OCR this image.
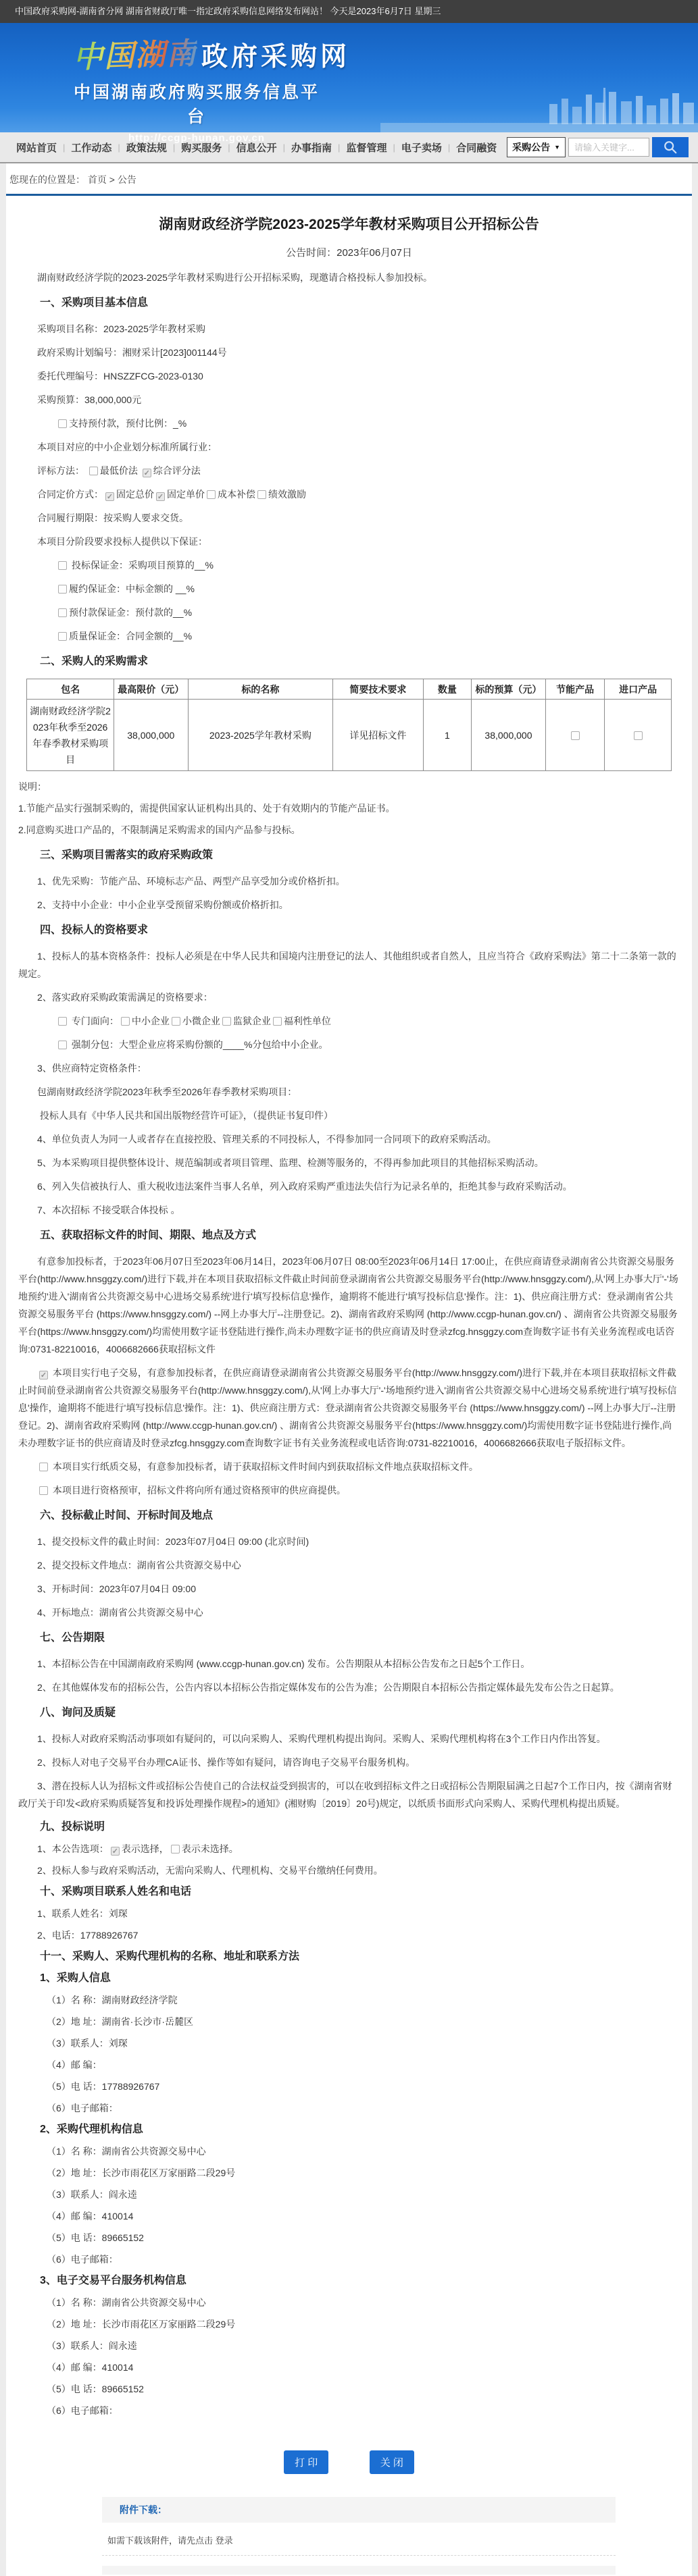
中国政府采购网-湖南省分网 湖南省财政厅唯一指定政府采购信息网络发布网站！ 今天是2023年6月7日 星期三
中国湖南 政府采购网
中国湖南政府购买服务信息平台
http://ccgp-hunan.gov.cn
网站首页 | 工作动态 | 政策法规 | 购买服务 | 信息公开 | 办事指南 | 监督管理 | 电子卖场 | 合同融资 采购公告 ▼
请输入关键字...
您现在的位置是： 首页 > 公告
湖南财政经济学院2023-2025学年教材采购项目公开招标公告
公告时间：2023年06月07日

湖南财政经济学院的2023-2025学年教材采购进行公开招标采购，现邀请合格投标人参加投标。

一、采购项目基本信息

采购项目名称：2023-2025学年教材采购

政府采购计划编号：湘财采计[2023]001144号

委托代理编号：HNSZZFCG-2023-0130

采购预算：38,000,000元

支持预付款，预付比例：_%

本项目对应的中小企业划分标准所属行业：

评标方法： 最低价法 ✓ 综合评分法

合同定价方式： ✓ 固定总价 ✓ 固定单价 成本补偿 绩效激励

合同履行期限：按采购人要求交货。

本项目分阶段要求投标人提供以下保证：

投标保证金：采购项目预算的__%

履约保证金：中标金额的 __%

预付款保证金：预付款的__%

质量保证金：合同金额的__%

二、采购人的采购需求
包名	最高限价（元）	标的名称	简要技术要求	数量	标的预算（元）	节能产品	进口产品
湖南财政经济学院2023年秋季至2026年春季教材采购项目	38,000,000	2023-2025学年教材采购	详见招标文件	1	38,000,000		

说明：

1.节能产品实行强制采购的，需提供国家认证机构出具的、处于有效期内的节能产品证书。

2.同意购买进口产品的，不限制满足采购需求的国内产品参与投标。

三、采购项目需落实的政府采购政策

1、优先采购：节能产品、环境标志产品、两型产品享受加分或价格折扣。

2、支持中小企业：中小企业享受预留采购份额或价格折扣。

四、投标人的资格要求

1、投标人的基本资格条件：投标人必须是在中华人民共和国境内注册登记的法人、其他组织或者自然人，且应当符合《政府采购法》第二十二条第一款的规定。

2、落实政府采购政策需满足的资格要求：

专门面向： 中小企业 小微企业 监狱企业 福利性单位

强制分包：大型企业应将采购份额的____%分包给中小企业。

3、供应商特定资格条件：

包湖南财政经济学院2023年秋季至2026年春季教材采购项目：

投标人具有《中华人民共和国出版物经营许可证》，（提供证书复印件）

4、单位负责人为同一人或者存在直接控股、管理关系的不同投标人，不得参加同一合同项下的政府采购活动。

5、为本采购项目提供整体设计、规范编制或者项目管理、监理、检测等服务的，不得再参加此项目的其他招标采购活动。

6、列入失信被执行人、重大税收违法案件当事人名单，列入政府采购严重违法失信行为记录名单的，拒绝其参与政府采购活动。

7、本次招标 不接受联合体投标 。

五、获取招标文件的时间、期限、地点及方式

有意参加投标者，于2023年06月07日至2023年06月14日，2023年06月07日 08:00至2023年06月14日 17:00止，在供应商请登录湖南省公共资源交易服务平台(http://www.hnsggzy.com/)进行下载,并在本项目获取招标文件截止时间前登录湖南省公共资源交易服务平台(http://www.hnsggzy.com/),从'网上办事大厅'-'场地预约'进入'湖南省公共资源交易中心进场交易系统'进行'填写投标信息'操作，逾期将不能进行'填写投标信息'操作。注：1)、供应商注册方式：登录湖南省公共资源交易服务平台 (https://www.hnsggzy.com/) --网上办事大厅--注册登记。2)、湖南省政府采购网 (http://www.ccgp-hunan.gov.cn/) 、湖南省公共资源交易服务平台(https://www.hnsggzy.com/)均需使用数字证书登陆进行操作,尚未办理数字证书的供应商请及时登录zfcg.hnsggzy.com查询数字证书有关业务流程或电话咨询:0731-82210016，4006682666获取招标文件

✓ 本项目实行电子交易，有意参加投标者，在供应商请登录湖南省公共资源交易服务平台(http://www.hnsggzy.com/)进行下载,并在本项目获取招标文件截止时间前登录湖南省公共资源交易服务平台(http://www.hnsggzy.com/),从'网上办事大厅'-'场地预约'进入'湖南省公共资源交易中心进场交易系统'进行'填写投标信息'操作，逾期将不能进行'填写投标信息'操作。注：1)、供应商注册方式：登录湖南省公共资源交易服务平台 (https://www.hnsggzy.com/) --网上办事大厅--注册登记。2)、湖南省政府采购网 (http://www.ccgp-hunan.gov.cn/) 、湖南省公共资源交易服务平台(https://www.hnsggzy.com/)均需使用数字证书登陆进行操作,尚未办理数字证书的供应商请及时登录zfcg.hnsggzy.com查询数字证书有关业务流程或电话咨询:0731-82210016，4006682666获取电子版招标文件。

本项目实行纸质交易，有意参加投标者，请于获取招标文件时间内到获取招标文件地点获取招标文件。

本项目进行资格预审，招标文件将向所有通过资格预审的供应商提供。

六、投标截止时间、开标时间及地点

1、提交投标文件的截止时间：2023年07月04日 09:00 (北京时间)

2、提交投标文件地点：湖南省公共资源交易中心

3、开标时间：2023年07月04日 09:00

4、开标地点：湖南省公共资源交易中心

七、公告期限

1、本招标公告在中国湖南政府采购网 (www.ccgp-hunan.gov.cn) 发布。公告期限从本招标公告发布之日起5个工作日。

2、在其他媒体发布的招标公告，公告内容以本招标公告指定媒体发布的公告为准；公告期限自本招标公告指定媒体最先发布公告之日起算。

八、询问及质疑

1、投标人对政府采购活动事项如有疑问的，可以向采购人、采购代理机构提出询问。采购人、采购代理机构将在3个工作日内作出答复。

2、投标人对电子交易平台办理CA证书、操作等如有疑问，请咨询电子交易平台服务机构。

3、潜在投标人认为招标文件或招标公告使自己的合法权益受到损害的，可以在收到招标文件之日或招标公告期限届满之日起7个工作日内，按《湖南省财政厅关于印发<政府采购质疑答复和投诉处理操作规程>的通知》(湘财购〔2019〕20号)规定，以纸质书面形式向采购人、采购代理机构提出质疑。

九、投标说明

1、本公告选项： ✓ 表示选择， 表示未选择。

2、投标人参与政府采购活动，无需向采购人、代理机构、交易平台缴纳任何费用。

十、采购项目联系人姓名和电话

1、联系人姓名：刘琛

2、电话：17788926767

十一、采购人、采购代理机构的名称、地址和联系方法
1、采购人信息

（1）名 称：湖南财政经济学院

（2）地 址：湖南省·长沙市·岳麓区

（3）联系人：刘琛

（4）邮 编：

（5）电 话：17788926767

（6）电子邮箱：

2、采购代理机构信息

（1）名 称：湖南省公共资源交易中心

（2）地 址：长沙市雨花区万家丽路二段29号

（3）联系人：阎永逵

（4）邮 编：410014

（5）电 话：89665152

（6）电子邮箱：

3、电子交易平台服务机构信息

（1）名 称：湖南省公共资源交易中心

（2）地 址：长沙市雨花区万家丽路二段29号

（3）联系人：阎永逵

（4）邮 编：410014

（5）电 话：89665152

（6）电子邮箱：

打 印	关 闭
附件下载：
如需下载该附件，请先点击 登录
